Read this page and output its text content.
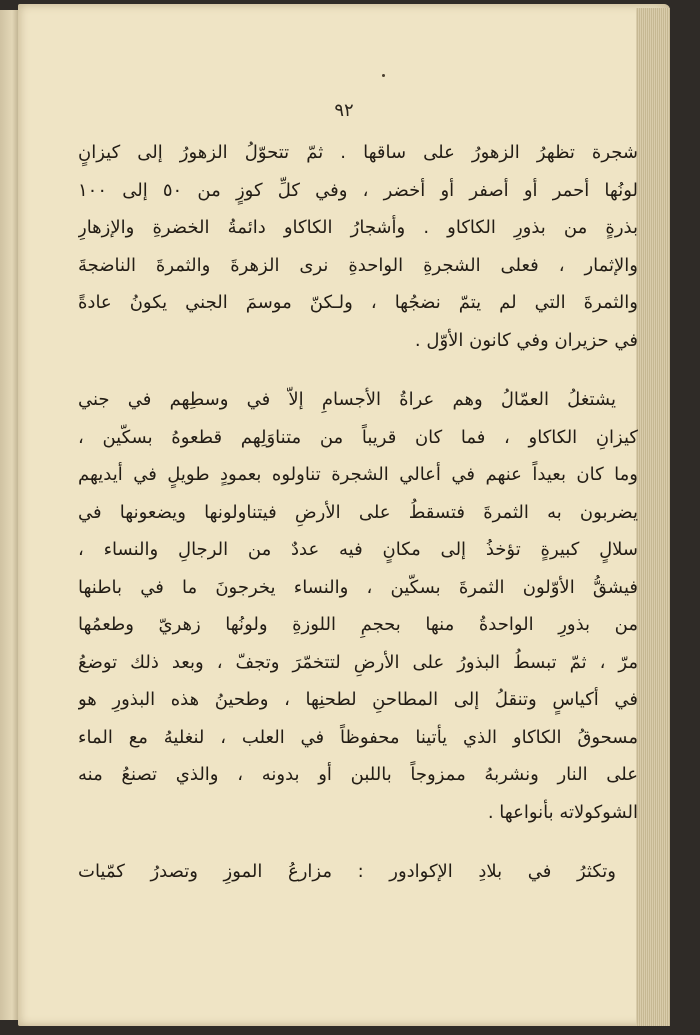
٩٢
شجرة تظهرُ الزهورُ على ساقها . ثمّ تتحوّلُ الزهورُ إلى كيزانٍ
لونُها أحمر أو أصفر أو أخضر ، وفي كلِّ كوزٍ من ٥٠ إلى ١٠٠
بذرةٍ من بذورِ الكاكاو . وأشجارُ الكاكاو دائمةُ الخضرةِ والإزهارِ
والإثمار ، فعلى الشجرةِ الواحدةِ نرى الزهرةَ والثمرةَ الناضجةَ
والثمرةَ التي لم يتمّ نضجُها ، ولـكنّ موسمَ الجني يكونُ عادةً
في حزيران وفي كانون الأوّل .
يشتغلُ العمّالُ وهم عراةُ الأجسامِ إلاّ في وسطِهم في جني
كيزانِ الكاكاو ، فما كان قريباً من متناوَلِهم قطعوهُ بسكّين ،
وما كان بعيداً عنهم في أعالي الشجرة تناولوه بعمودٍ طويلٍ في أيديهم
يضربون به الثمرةَ فتسقطُ على الأرضِ فيتناولونها ويضعونها في
سلالٍ كبيرةٍ تؤخذُ إلى مكانٍ فيه عددٌ من الرجالِ والنساء ،
فيشقُّ الأوّلون الثمرةَ بسكّين ، والنساء يخرجونَ ما في باطنها
من بذورِ الواحدةُ منها بحجمِ اللوزةِ ولونُها زهريّ وطعمُها
مرّ ، ثمّ تبسطُ البذورُ على الأرضِ لتتخمّرَ وتجفّ ، وبعد ذلك توضعُ
في أكياسٍ وتنقلُ إلى المطاحنِ لطحنِها ، وطحينُ هذه البذورِ هو
مسحوقُ الكاكاو الذي يأتينا محفوظاً في العلب ، لنغليهُ مع الماء
على النار ونشربهُ ممزوجاً باللبن أو بدونه ، والذي تصنعُ منه
الشوكولاته بأنواعها .
وتكثرُ في بلادِ الإكوادور : مزارعُ الموزِ وتصدرُ كمّيات
